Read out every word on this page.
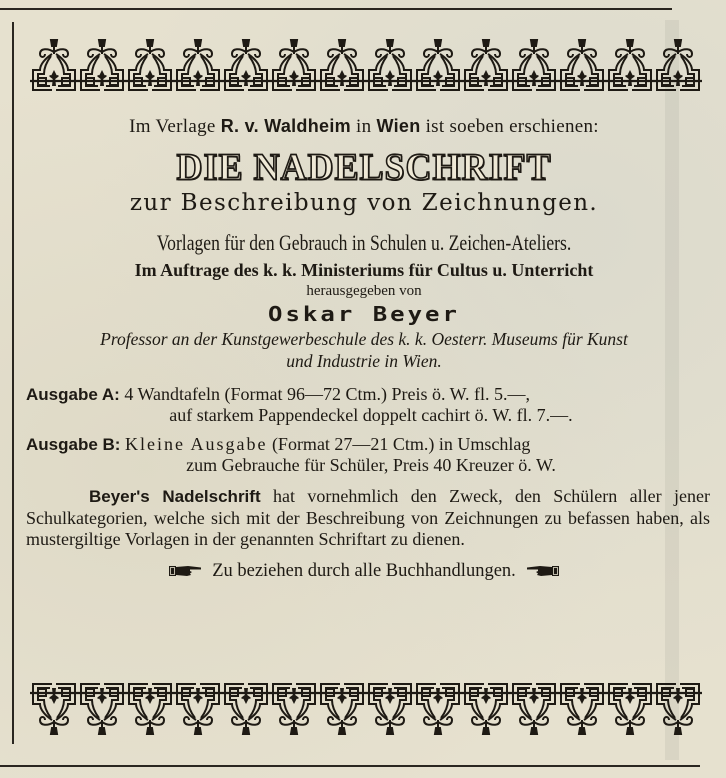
Im Verlage R. v. Waldheim in Wien ist soeben erschienen:
DIE NADELSCHRIFT
zur Beschreibung von Zeichnungen.
Vorlagen für den Gebrauch in Schulen u. Zeichen-Ateliers.
Im Auftrage des k. k. Ministeriums für Cultus u. Unterricht
herausgegeben von
Oskar Beyer
Professor an der Kunstgewerbeschule des k. k. Oesterr. Museums für Kunst
und Industrie in Wien.
Ausgabe A: 4 Wandtafeln (Format 96—72 Ctm.) Preis ö. W. fl. 5.—,
auf starkem Pappendeckel doppelt cachirt ö. W. fl. 7.—.
Ausgabe B: Kleine Ausgabe (Format 27—21 Ctm.) in Umschlag
zum Gebrauche für Schüler, Preis 40 Kreuzer ö. W.
Beyer's Nadelschrift hat vornehmlich den Zweck, den Schülern aller jener Schulkategorien, welche sich mit der Beschreibung von Zeichnungen zu befassen haben, als mustergiltige Vorlagen in der genannten Schriftart zu dienen.
Zu beziehen durch alle Buchhandlungen.
